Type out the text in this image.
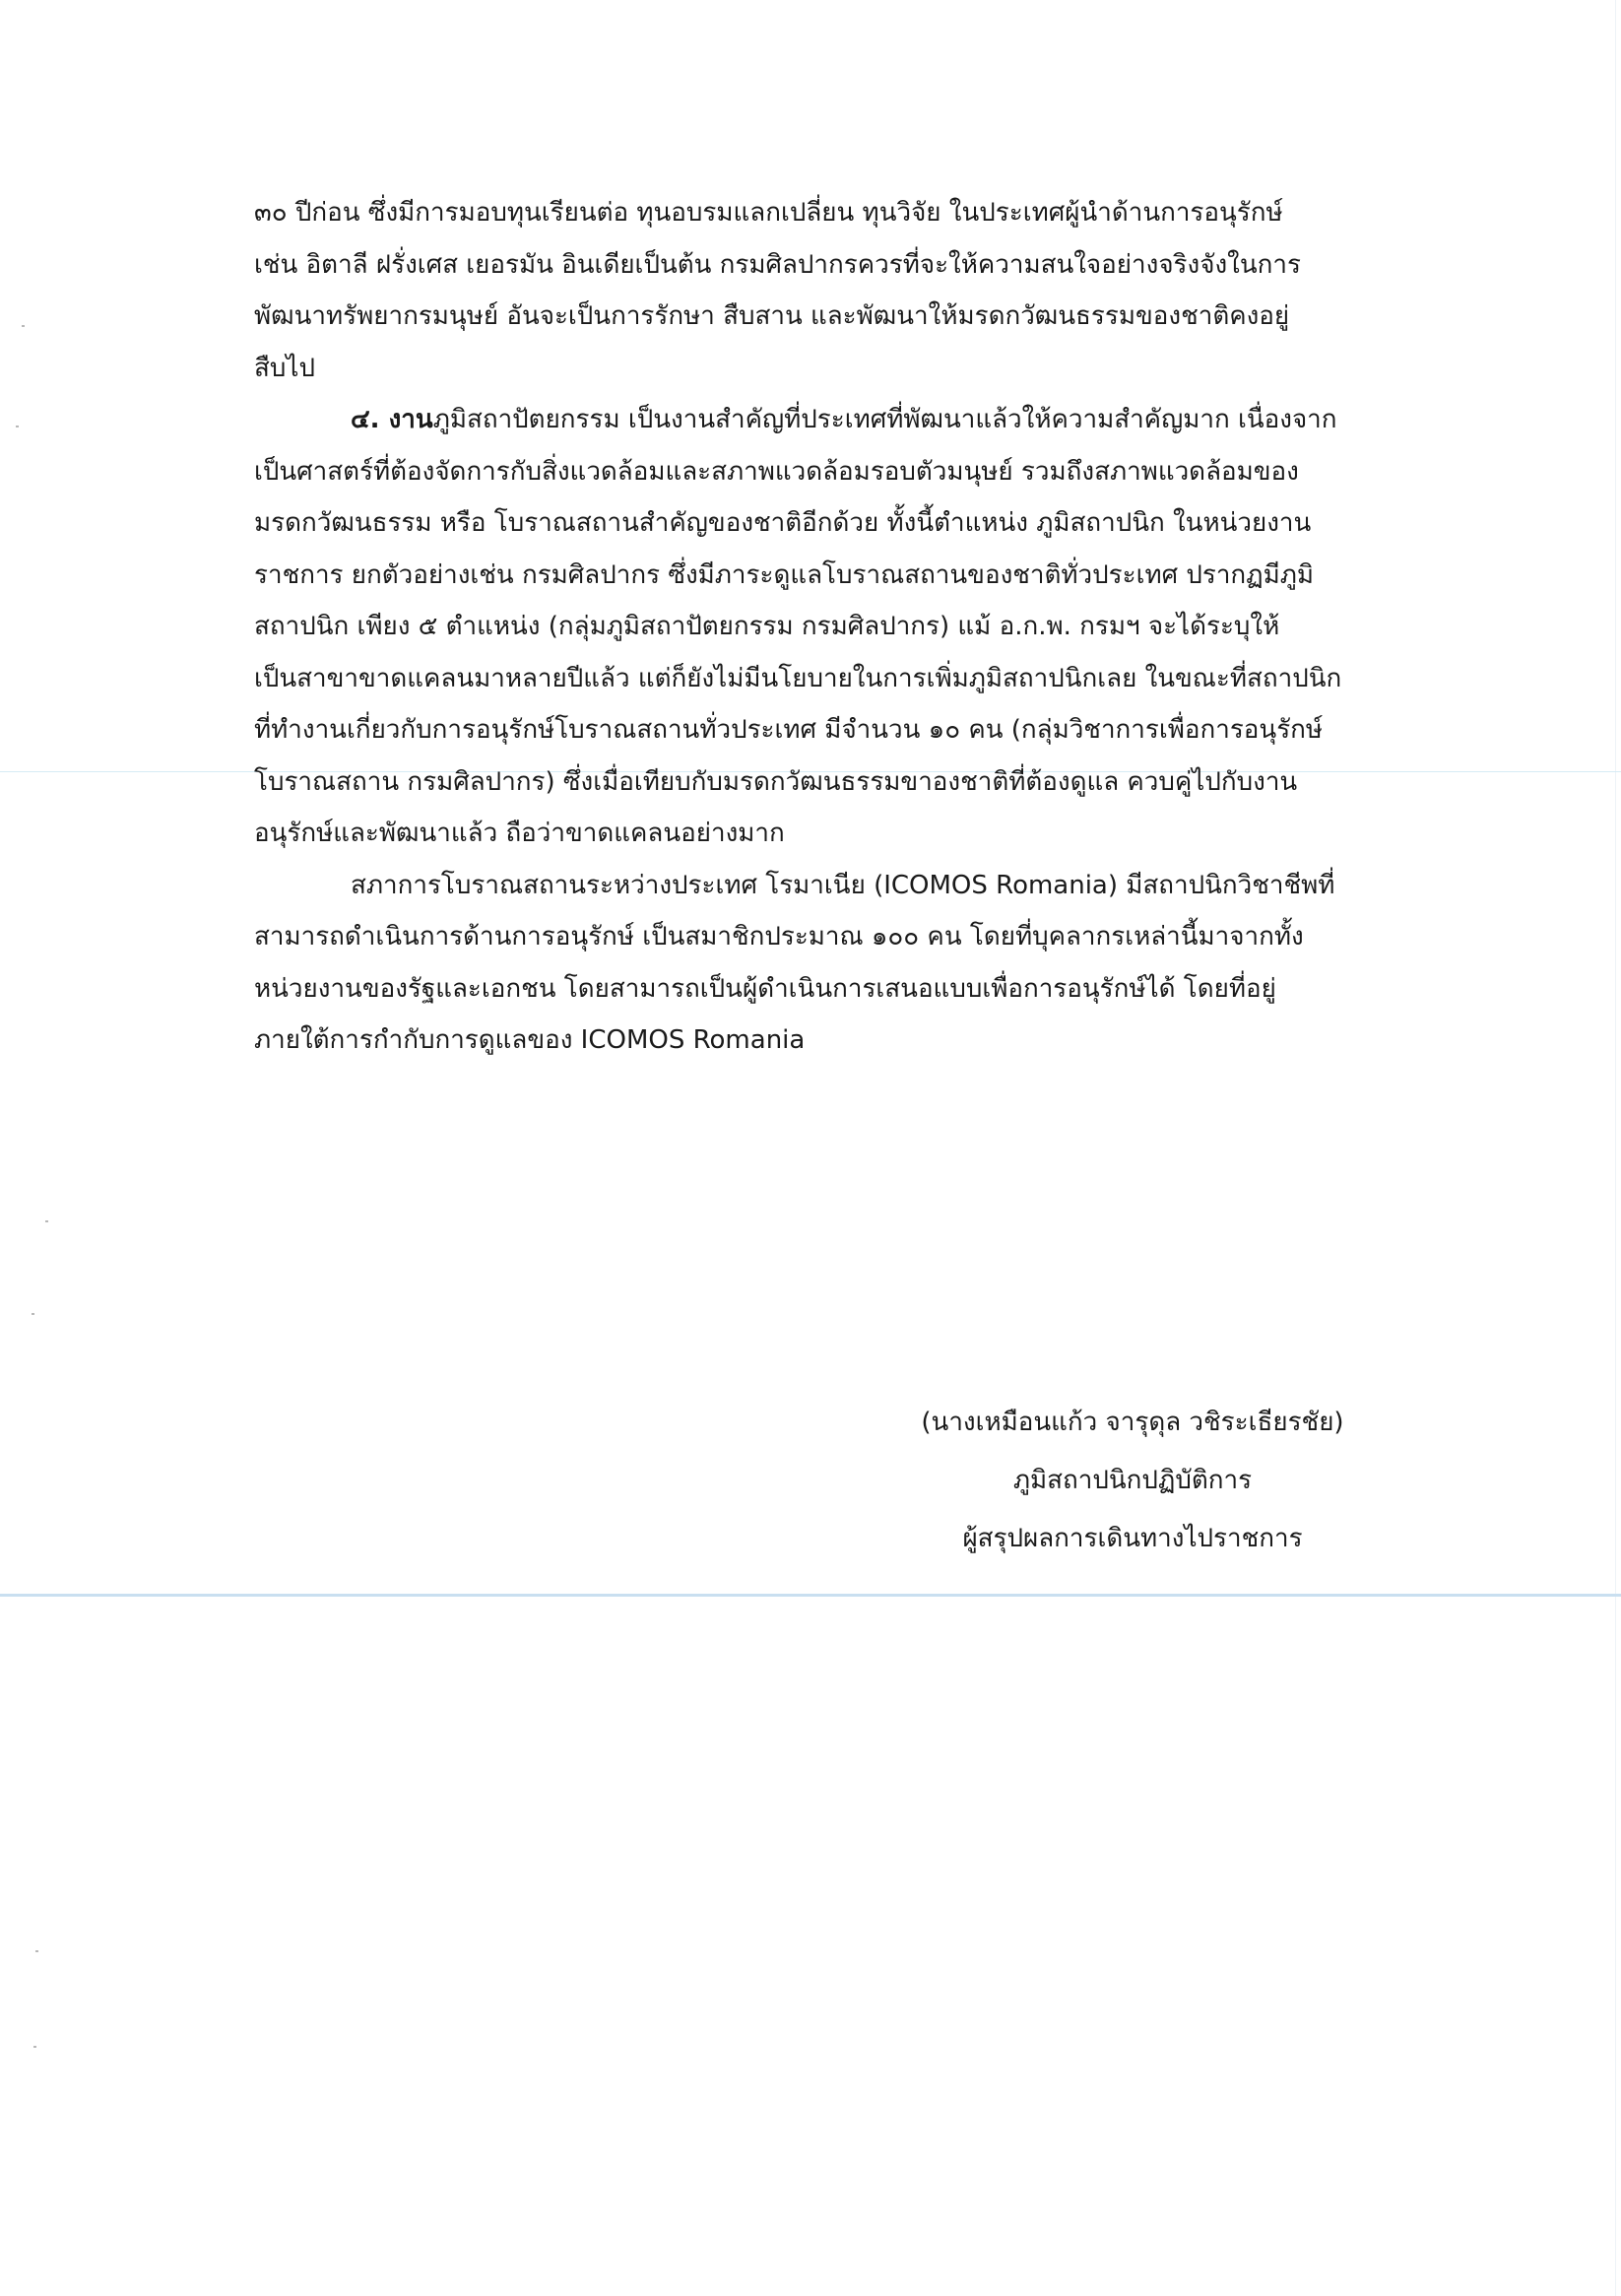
๓๐ ปีก่อน ซึ่งมีการมอบทุนเรียนต่อ ทุนอบรมแลกเปลี่ยน ทุนวิจัย ในประเทศผู้นำด้านการอนุรักษ์
เช่น อิตาลี ฝรั่งเศส เยอรมัน อินเดียเป็นต้น กรมศิลปากรควรที่จะให้ความสนใจอย่างจริงจังในการ
พัฒนาทรัพยากรมนุษย์ อันจะเป็นการรักษา สืบสาน และพัฒนาให้มรดกวัฒนธรรมของชาติคงอยู่
สืบไป
๔. งานภูมิสถาปัตยกรรม เป็นงานสำคัญที่ประเทศที่พัฒนาแล้วให้ความสำคัญมาก เนื่องจาก
เป็นศาสตร์ที่ต้องจัดการกับสิ่งแวดล้อมและสภาพแวดล้อมรอบตัวมนุษย์ รวมถึงสภาพแวดล้อมของ
มรดกวัฒนธรรม หรือ โบราณสถานสำคัญของชาติอีกด้วย ทั้งนี้ตำแหน่ง ภูมิสถาปนิก ในหน่วยงาน
ราชการ ยกตัวอย่างเช่น กรมศิลปากร ซึ่งมีภาระดูแลโบราณสถานของชาติทั่วประเทศ ปรากฏมีภูมิ
สถาปนิก เพียง ๕ ตำแหน่ง (กลุ่มภูมิสถาปัตยกรรม กรมศิลปากร) แม้ อ.ก.พ. กรมฯ จะได้ระบุให้
เป็นสาขาขาดแคลนมาหลายปีแล้ว แต่ก็ยังไม่มีนโยบายในการเพิ่มภูมิสถาปนิกเลย ในขณะที่สถาปนิก
ที่ทำงานเกี่ยวกับการอนุรักษ์โบราณสถานทั่วประเทศ มีจำนวน ๑๐ คน (กลุ่มวิชาการเพื่อการอนุรักษ์
โบราณสถาน กรมศิลปากร) ซึ่งเมื่อเทียบกับมรดกวัฒนธรรมขาองชาติที่ต้องดูแล ควบคู่ไปกับงาน
อนุรักษ์และพัฒนาแล้ว ถือว่าขาดแคลนอย่างมาก
สภาการโบราณสถานระหว่างประเทศ โรมาเนีย (ICOMOS Romania) มีสถาปนิกวิชาชีพที่
สามารถดำเนินการด้านการอนุรักษ์ เป็นสมาชิกประมาณ ๑๐๐ คน โดยที่บุคลากรเหล่านี้มาจากทั้ง
หน่วยงานของรัฐและเอกชน โดยสามารถเป็นผู้ดำเนินการเสนอแบบเพื่อการอนุรักษ์ได้ โดยที่อยู่
ภายใต้การกำกับการดูแลของ ICOMOS Romania
(นางเหมือนแก้ว จารุดุล วชิระเธียรชัย)
ภูมิสถาปนิกปฏิบัติการ
ผู้สรุปผลการเดินทางไปราชการ
